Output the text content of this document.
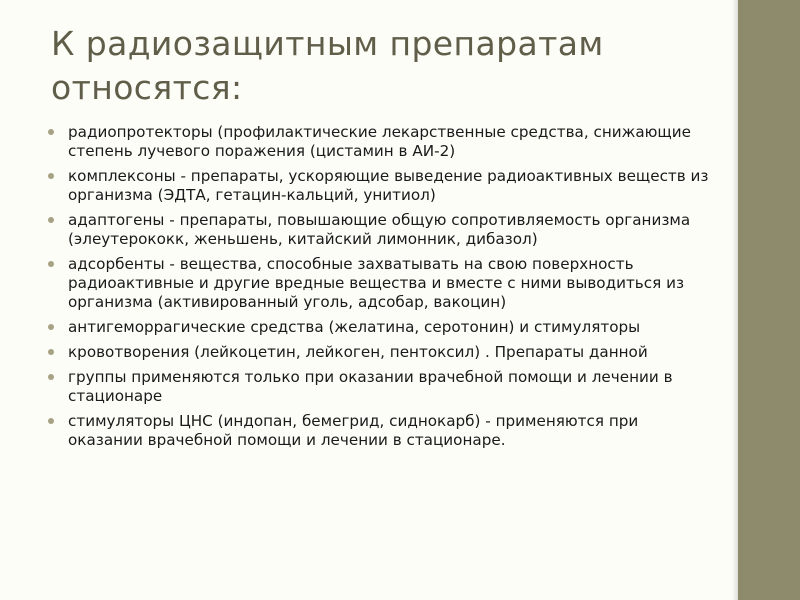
К радиозащитным препаратам относятся:
радиопротекторы (профилактические лекарственные средства, снижающие степень лучевого поражения (цистамин в АИ-2)
комплексоны - препараты, ускоряющие выведение радиоактивных веществ из организма (ЭДТА, гетацин-кальций, унитиол)
адаптогены - препараты, повышающие общую сопротивляемость организма (элеутерококк, женьшень, китайский лимонник, дибазол)
адсорбенты - вещества, способные захватывать на свою поверхность радиоактивные и другие вредные вещества и вместе с ними выводиться из организма (активированный уголь, адсобар, вакоцин)
антигеморрагические средства (желатина, серотонин) и стимуляторы
кровотворения (лейкоцетин, лейкоген, пентоксил) . Препараты данной
группы применяются только при оказании врачебной помощи и лечении в стационаре
стимуляторы ЦНС (индопан, бемегрид, сиднокарб) - применяются при оказании врачебной помощи и лечении в стационаре.
